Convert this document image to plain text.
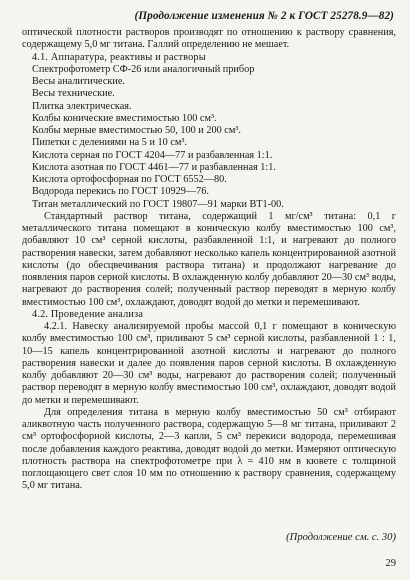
(Продолжение изменения № 2 к ГОСТ 25278.9—82)

оптической плотности растворов производят по отношению к раствору сравнения, содержащему 5,0 мг титана. Галлий определению не мешает.

4.1. Аппаратура, реактивы и растворы

Спектрофотометр СФ-26 или аналогичный прибор

Весы аналитические.

Весы технические.

Плитка электрическая.

Колбы конические вместимостью 100 см³.

Колбы мерные вместимостью 50, 100 и 200 см³.

Пипетки с делениями на 5 и 10 см³.

Кислота серная по ГОСТ 4204—77 и разбавленная 1:1.

Кислота азотная по ГОСТ 4461—77 и разбавленная 1:1.

Кислота ортофосфорная по ГОСТ 6552—80.

Водорода перекись по ГОСТ 10929—76.

Титан металлический по ГОСТ 19807—91 марки ВТ1-00.

Стандартный раствор титана, содержащий 1 мг/см³ титана: 0,1 г металлического титана помещают в коническую колбу вместимостью 100 см³, добавляют 10 см³ серной кислоты, разбавленной 1:1, и нагревают до полного растворения навески, затем добавляют несколько капель концентрированной азотной кислоты (до обесцвечивания раствора титана) и продолжают нагревание до появления паров серной кислоты. В охлажденную колбу добавляют 20—30 см³ воды, нагревают до растворения солей; полученный раствор переводят в мерную колбу вместимостью 100 см³, охлаждают, доводят водой до метки и перемешивают.

4.2. Проведение анализа

4.2.1. Навеску анализируемой пробы массой 0,1 г помещают в коническую колбу вместимостью 100 см³, приливают 5 см³ серной кислоты, разбавленной 1 : 1, 10—15 капель концентрированной азотной кислоты и нагревают до полного растворения навески и далее до появления паров серной кислоты. В охлажденную колбу добавляют 20—30 см³ воды, нагревают до растворения солей; полученный раствор переводят в мерную колбу вместимостью 100 см³, охлаждают, доводят водой до метки и перемешивают.

Для определения титана в мерную колбу вместимостью 50 см³ отбирают аликвотную часть полученного раствора, содержащую 5—8 мг титана, приливают 2 см³ ортофосфорной кислоты, 2—3 капли, 5 см³ перекиси водорода, перемешивая после добавления каждого реактива, доводят водой до метки. Измеряют оптическую плотность раствора на спектрофотометре при λ = 410 нм в кювете с толщиной поглощающего свет слоя 10 мм по отношению к раствору сравнения, содержащему 5,0 мг титана.

(Продолжение см. с. 30)
29
